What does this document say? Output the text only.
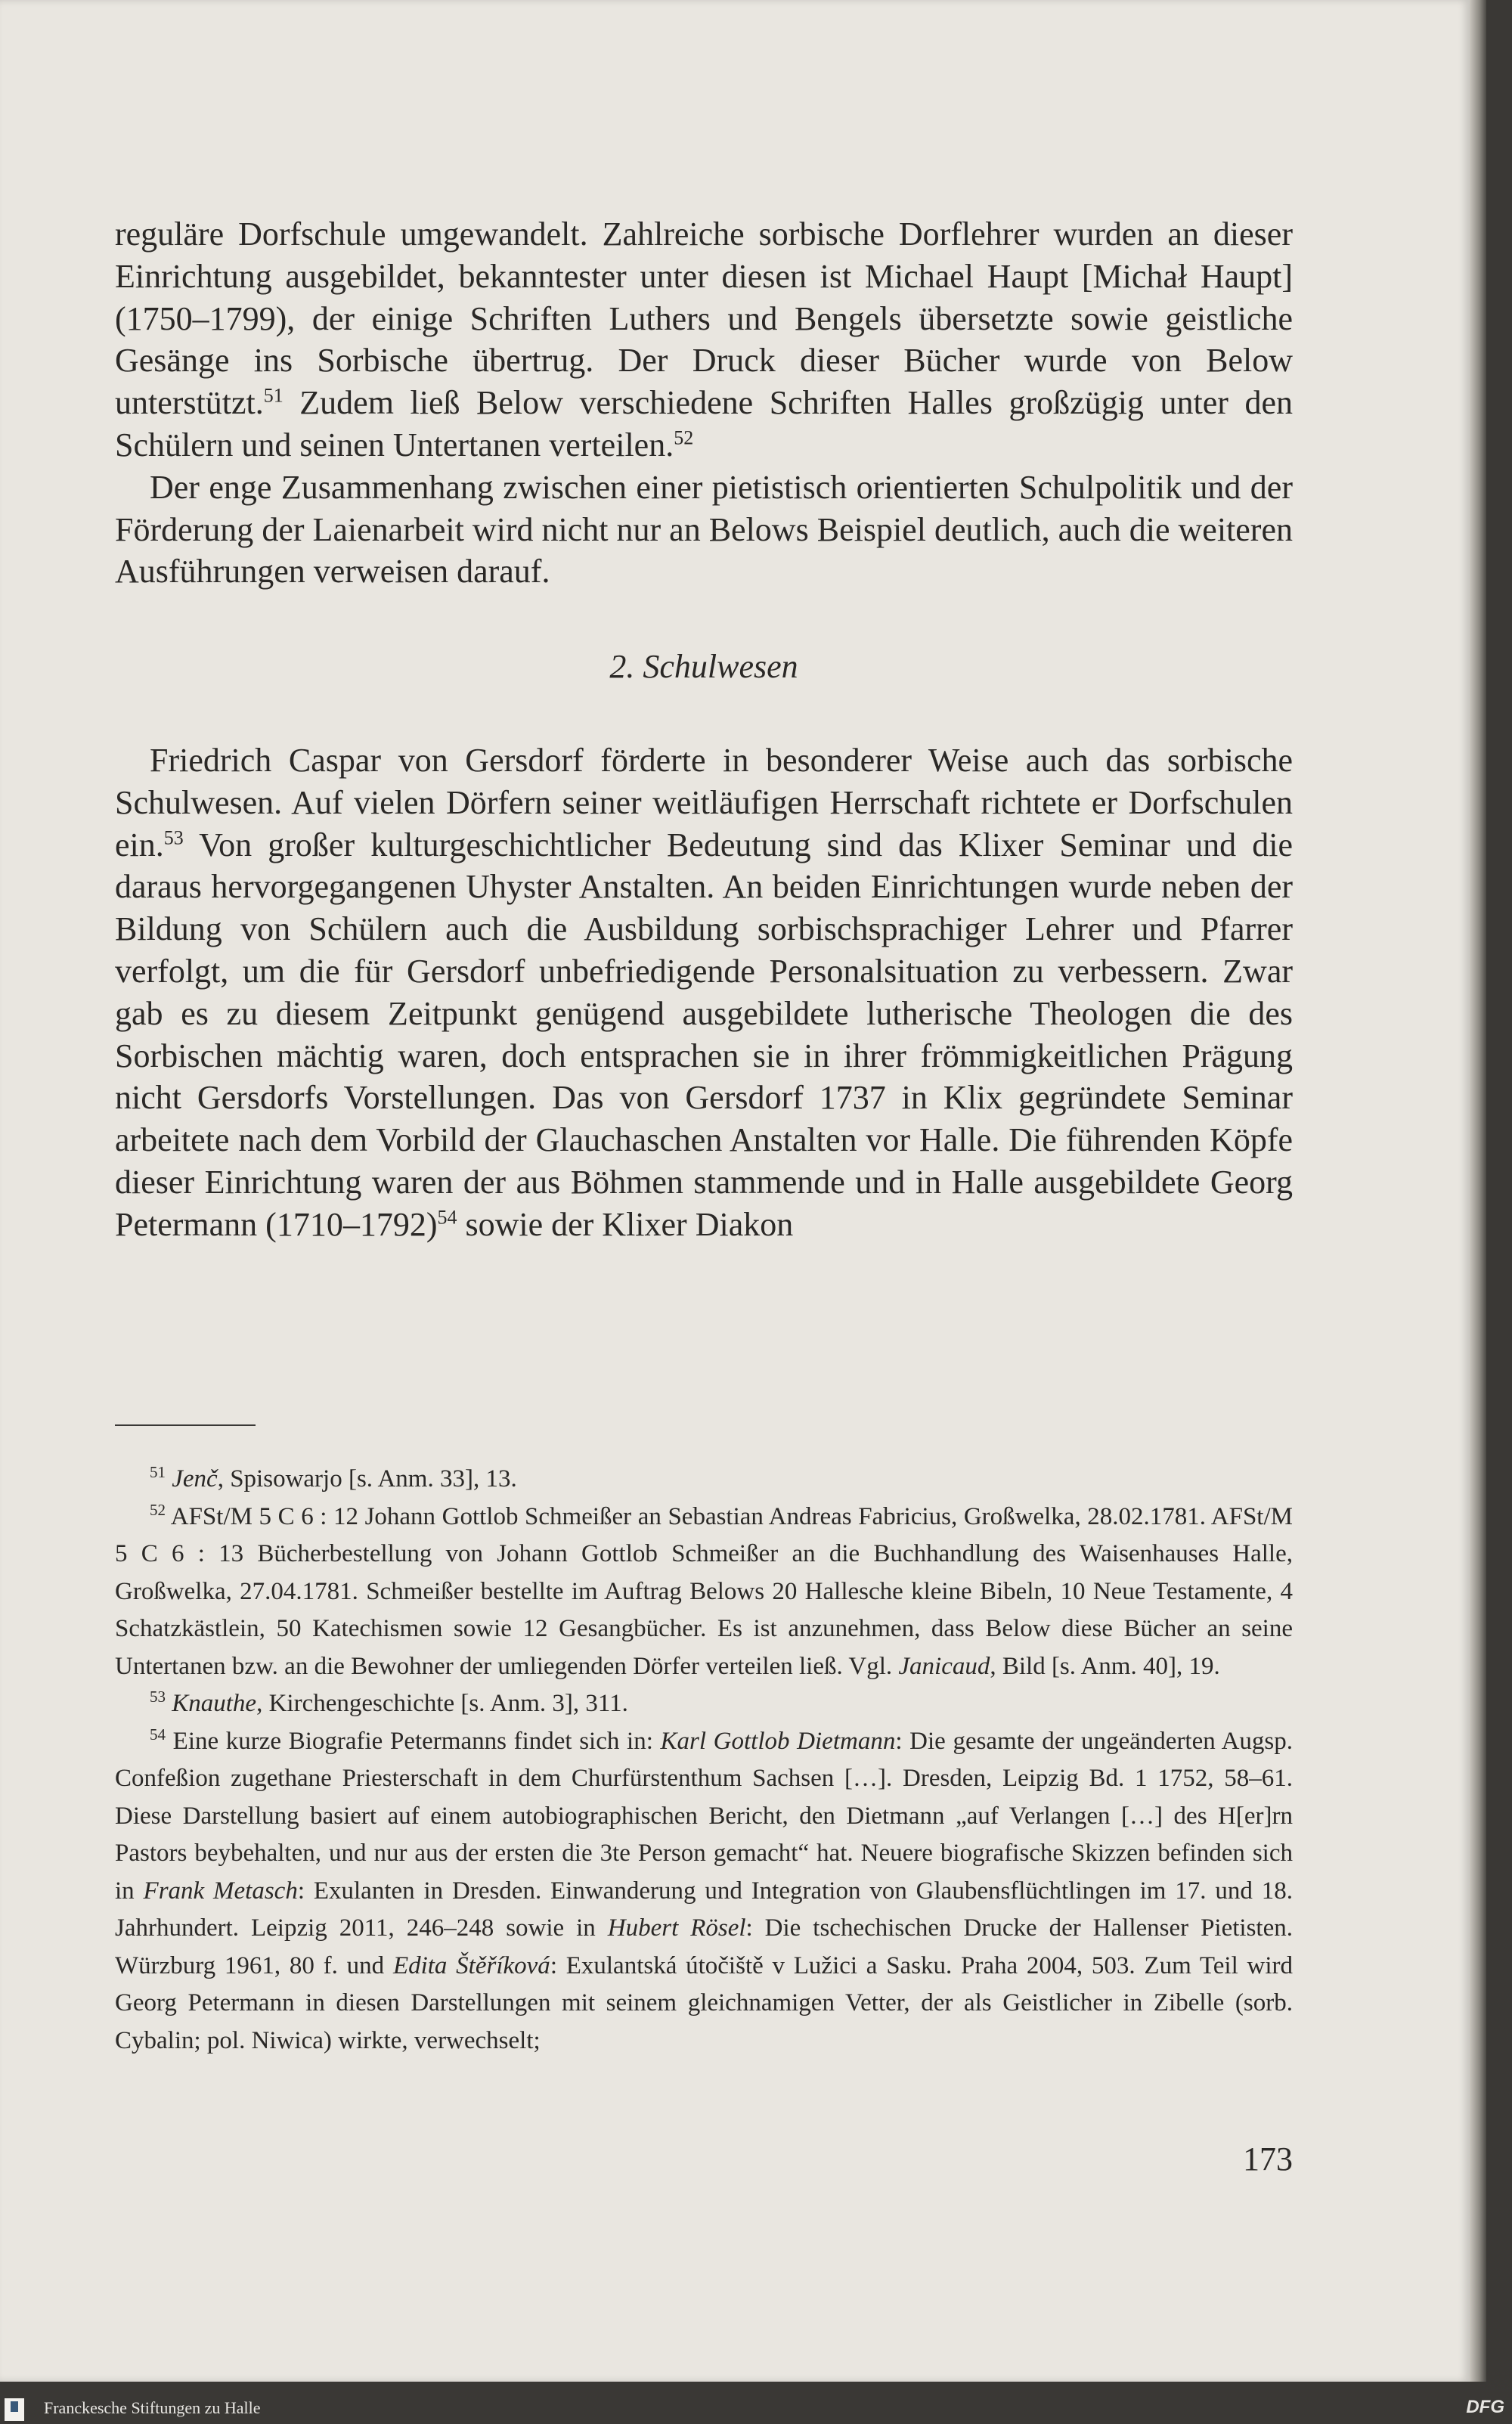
reguläre Dorfschule umgewandelt. Zahlreiche sorbische Dorflehrer wurden an dieser Einrichtung ausgebildet, bekanntester unter diesen ist Michael Haupt [Michał Haupt] (1750–1799), der einige Schriften Luthers und Bengels übersetzte sowie geistliche Gesänge ins Sorbische übertrug. Der Druck dieser Bücher wurde von Below unterstützt.$^{51}$ Zudem ließ Below verschiedene Schriften Halles großzügig unter den Schülern und seinen Untertanen verteilen.$^{52}$

Der enge Zusammenhang zwischen einer pietistisch orientierten Schulpolitik und der Förderung der Laienarbeit wird nicht nur an Belows Beispiel deutlich, auch die weiteren Ausführungen verweisen darauf.

2. Schulwesen

Friedrich Caspar von Gersdorf förderte in besonderer Weise auch das sorbische Schulwesen. Auf vielen Dörfern seiner weitläufigen Herrschaft richtete er Dorfschulen ein.$^{53}$ Von großer kulturgeschichtlicher Bedeutung sind das Klixer Seminar und die daraus hervorgegangenen Uhyster Anstalten. An beiden Einrichtungen wurde neben der Bildung von Schülern auch die Ausbildung sorbischsprachiger Lehrer und Pfarrer verfolgt, um die für Gersdorf unbefriedigende Personalsituation zu verbessern. Zwar gab es zu diesem Zeitpunkt genügend ausgebildete lutherische Theologen die des Sorbischen mächtig waren, doch entsprachen sie in ihrer frömmigkeitlichen Prägung nicht Gersdorfs Vorstellungen. Das von Gersdorf 1737 in Klix gegründete Seminar arbeitete nach dem Vorbild der Glauchaschen Anstalten vor Halle. Die führenden Köpfe dieser Einrichtung waren der aus Böhmen stammende und in Halle ausgebildete Georg Petermann (1710–1792)$^{54}$ sowie der Klixer Diakon

$^{51}$ Jenč, Spisowarjo [s. Anm. 33], 13.

$^{52}$ AFSt/M 5 C 6 : 12 Johann Gottlob Schmeißer an Sebastian Andreas Fabricius, Großwelka, 28.02.1781. AFSt/M 5 C 6 : 13 Bücherbestellung von Johann Gottlob Schmeißer an die Buchhandlung des Waisenhauses Halle, Großwelka, 27.04.1781. Schmeißer bestellte im Auftrag Belows 20 Hallesche kleine Bibeln, 10 Neue Testamente, 4 Schatzkästlein, 50 Katechismen sowie 12 Gesangbücher. Es ist anzunehmen, dass Below diese Bücher an seine Untertanen bzw. an die Bewohner der umliegenden Dörfer verteilen ließ. Vgl. Janicaud, Bild [s. Anm. 40], 19.

$^{53}$ Knauthe, Kirchengeschichte [s. Anm. 3], 311.

$^{54}$ Eine kurze Biografie Petermanns findet sich in: Karl Gottlob Dietmann: Die gesamte der ungeänderten Augsp. Confeßion zugethane Priesterschaft in dem Churfürstenthum Sachsen […]. Dresden, Leipzig Bd. 1 1752, 58–61. Diese Darstellung basiert auf einem autobiographischen Bericht, den Dietmann „auf Verlangen […] des H[er]rn Pastors beybehalten, und nur aus der ersten die 3te Person gemacht“ hat. Neuere biografische Skizzen befinden sich in Frank Metasch: Exulanten in Dresden. Einwanderung und Integration von Glaubensflüchtlingen im 17. und 18. Jahrhundert. Leipzig 2011, 246–248 sowie in Hubert Rösel: Die tschechischen Drucke der Hallenser Pietisten. Würzburg 1961, 80 f. und Edita Štěříková: Exulantská útočiště v Lužici a Sasku. Praha 2004, 503. Zum Teil wird Georg Petermann in diesen Darstellungen mit seinem gleichnamigen Vetter, der als Geistlicher in Zibelle (sorb. Cybalin; pol. Niwica) wirkte, verwechselt;

173
Franckesche Stiftungen zu Halle	DFG
